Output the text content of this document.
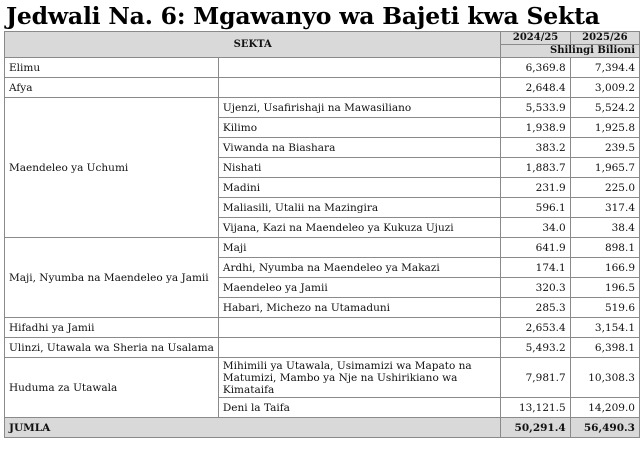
Jedwali Na. 6: Mgawanyo wa Bajeti kwa Sekta
SEKTA		2024/25	2025/26
		Shilingi Bilioni	
Elimu		6,369.8	7,394.4
Afya		2,648.4	3,009.2
Maendeleo ya Uchumi	Ujenzi, Usafirishaji na Mawasiliano	5,533.9	5,524.2
	Kilimo	1,938.9	1,925.8
	Viwanda na Biashara	383.2	239.5
	Nishati	1,883.7	1,965.7
	Madini	231.9	225.0
	Maliasili, Utalii na Mazingira	596.1	317.4
	Vijana, Kazi na Maendeleo ya Kukuza Ujuzi	34.0	38.4
Maji, Nyumba na Maendeleo ya Jamii	Maji	641.9	898.1
	Ardhi, Nyumba na Maendeleo ya Makazi	174.1	166.9
	Maendeleo ya Jamii	320.3	196.5
	Habari, Michezo na Utamaduni	285.3	519.6
Hifadhi ya Jamii		2,653.4	3,154.1
Ulinzi, Utawala wa Sheria na Usalama		5,493.2	6,398.1
Huduma za Utawala	Mihimili ya Utawala, Usimamizi wa Mapato na Matumizi, Mambo ya Nje na Ushirikiano wa Kimataifa	7,981.7	10,308.3
	Deni la Taifa	13,121.5	14,209.0
JUMLA		50,291.4	56,490.3
